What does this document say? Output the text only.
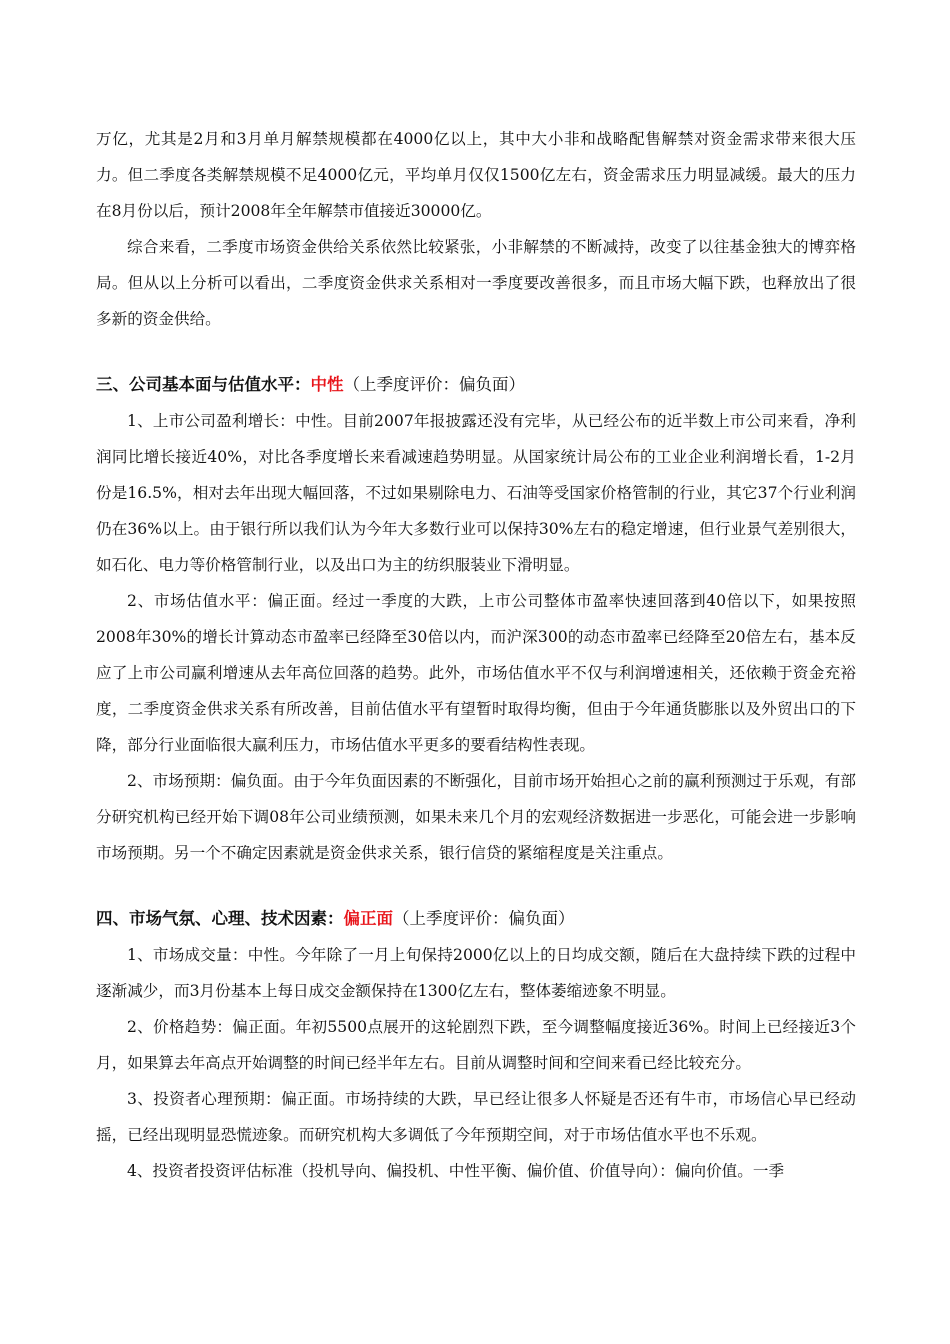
万亿，尤其是2月和3月单月解禁规模都在4000亿以上，其中大小非和战略配售解禁对资金需求带来很大压力。但二季度各类解禁规模不足4000亿元，平均单月仅仅1500亿左右，资金需求压力明显减缓。最大的压力在8月份以后，预计2008年全年解禁市值接近30000亿。

综合来看，二季度市场资金供给关系依然比较紧张，小非解禁的不断减持，改变了以往基金独大的博弈格局。但从以上分析可以看出，二季度资金供求关系相对一季度要改善很多，而且市场大幅下跌，也释放出了很多新的资金供给。

三、公司基本面与估值水平：中性（上季度评价：偏负面）

1、上市公司盈利增长：中性。目前2007年报披露还没有完毕，从已经公布的近半数上市公司来看，净利润同比增长接近40%，对比各季度增长来看减速趋势明显。从国家统计局公布的工业企业利润增长看，1-2月份是16.5%，相对去年出现大幅回落，不过如果剔除电力、石油等受国家价格管制的行业，其它37个行业利润仍在36%以上。由于银行所以我们认为今年大多数行业可以保持30%左右的稳定增速，但行业景气差别很大，如石化、电力等价格管制行业，以及出口为主的纺织服装业下滑明显。

2、市场估值水平：偏正面。经过一季度的大跌，上市公司整体市盈率快速回落到40倍以下，如果按照2008年30%的增长计算动态市盈率已经降至30倍以内，而沪深300的动态市盈率已经降至20倍左右，基本反应了上市公司赢利增速从去年高位回落的趋势。此外，市场估值水平不仅与利润增速相关，还依赖于资金充裕度，二季度资金供求关系有所改善，目前估值水平有望暂时取得均衡，但由于今年通货膨胀以及外贸出口的下降，部分行业面临很大赢利压力，市场估值水平更多的要看结构性表现。

2、市场预期：偏负面。由于今年负面因素的不断强化，目前市场开始担心之前的赢利预测过于乐观，有部分研究机构已经开始下调08年公司业绩预测，如果未来几个月的宏观经济数据进一步恶化，可能会进一步影响市场预期。另一个不确定因素就是资金供求关系，银行信贷的紧缩程度是关注重点。

四、市场气氛、心理、技术因素：偏正面（上季度评价：偏负面）

1、市场成交量：中性。今年除了一月上旬保持2000亿以上的日均成交额，随后在大盘持续下跌的过程中逐渐减少，而3月份基本上每日成交金额保持在1300亿左右，整体萎缩迹象不明显。

2、价格趋势：偏正面。年初5500点展开的这轮剧烈下跌，至今调整幅度接近36%。时间上已经接近3个月，如果算去年高点开始调整的时间已经半年左右。目前从调整时间和空间来看已经比较充分。

3、投资者心理预期：偏正面。市场持续的大跌，早已经让很多人怀疑是否还有牛市，市场信心早已经动摇，已经出现明显恐慌迹象。而研究机构大多调低了今年预期空间，对于市场估值水平也不乐观。

4、投资者投资评估标准（投机导向、偏投机、中性平衡、偏价值、价值导向）：偏向价值。一季
